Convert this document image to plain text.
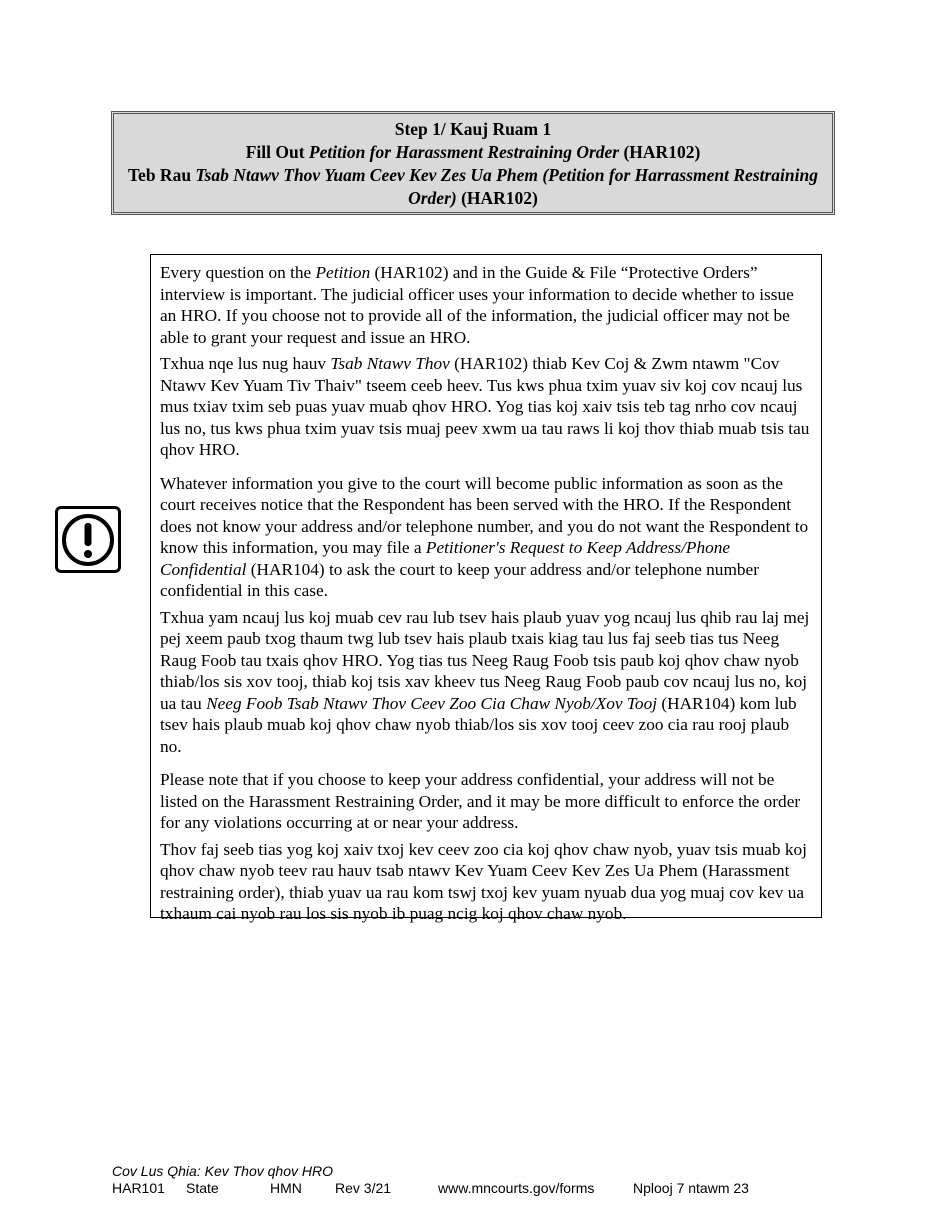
Step 1/ Kauj Ruam 1
Fill Out Petition for Harassment Restraining Order (HAR102)
Teb Rau Tsab Ntawv Thov Yuam Ceev Kev Zes Ua Phem (Petition for Harrassment Restraining Order) (HAR102)

Every question on the Petition (HAR102) and in the Guide & File “Protective Orders” interview is important. The judicial officer uses your information to decide whether to issue an HRO. If you choose not to provide all of the information, the judicial officer may not be able to grant your request and issue an HRO.

Txhua nqe lus nug hauv Tsab Ntawv Thov (HAR102) thiab Kev Coj & Zwm ntawm "Cov Ntawv Kev Yuam Tiv Thaiv" tseem ceeb heev. Tus kws phua txim yuav siv koj cov ncauj lus mus txiav txim seb puas yuav muab qhov HRO. Yog tias koj xaiv tsis teb tag nrho cov ncauj lus no, tus kws phua txim yuav tsis muaj peev xwm ua tau raws li koj thov thiab muab tsis tau qhov HRO.

Whatever information you give to the court will become public information as soon as the court receives notice that the Respondent has been served with the HRO. If the Respondent does not know your address and/or telephone number, and you do not want the Respondent to know this information, you may file a Petitioner's Request to Keep Address/Phone Confidential (HAR104) to ask the court to keep your address and/or telephone number confidential in this case.

Txhua yam ncauj lus koj muab cev rau lub tsev hais plaub yuav yog ncauj lus qhib rau laj mej pej xeem paub txog thaum twg lub tsev hais plaub txais kiag tau lus faj seeb tias tus Neeg Raug Foob tau txais qhov HRO. Yog tias tus Neeg Raug Foob tsis paub koj qhov chaw nyob thiab/los sis xov tooj, thiab koj tsis xav kheev tus Neeg Raug Foob paub cov ncauj lus no, koj ua tau Neeg Foob Tsab Ntawv Thov Ceev Zoo Cia Chaw Nyob/Xov Tooj (HAR104) kom lub tsev hais plaub muab koj qhov chaw nyob thiab/los sis xov tooj ceev zoo cia rau rooj plaub no.

Please note that if you choose to keep your address confidential, your address will not be listed on the Harassment Restraining Order, and it may be more difficult to enforce the order for any violations occurring at or near your address.

Thov faj seeb tias yog koj xaiv txoj kev ceev zoo cia koj qhov chaw nyob, yuav tsis muab koj qhov chaw nyob teev rau hauv tsab ntawv Kev Yuam Ceev Kev Zes Ua Phem (Harassment restraining order), thiab yuav ua rau kom tswj txoj kev yuam nyuab dua yog muaj cov kev ua txhaum cai nyob rau los sis nyob ib puag ncig koj qhov chaw nyob.

Cov Lus Qhia: Kev Thov qhov HRO
HAR101 State	HMN Rev 3/21	www.mncourts.gov/forms	Nplooj 7 ntawm 23
